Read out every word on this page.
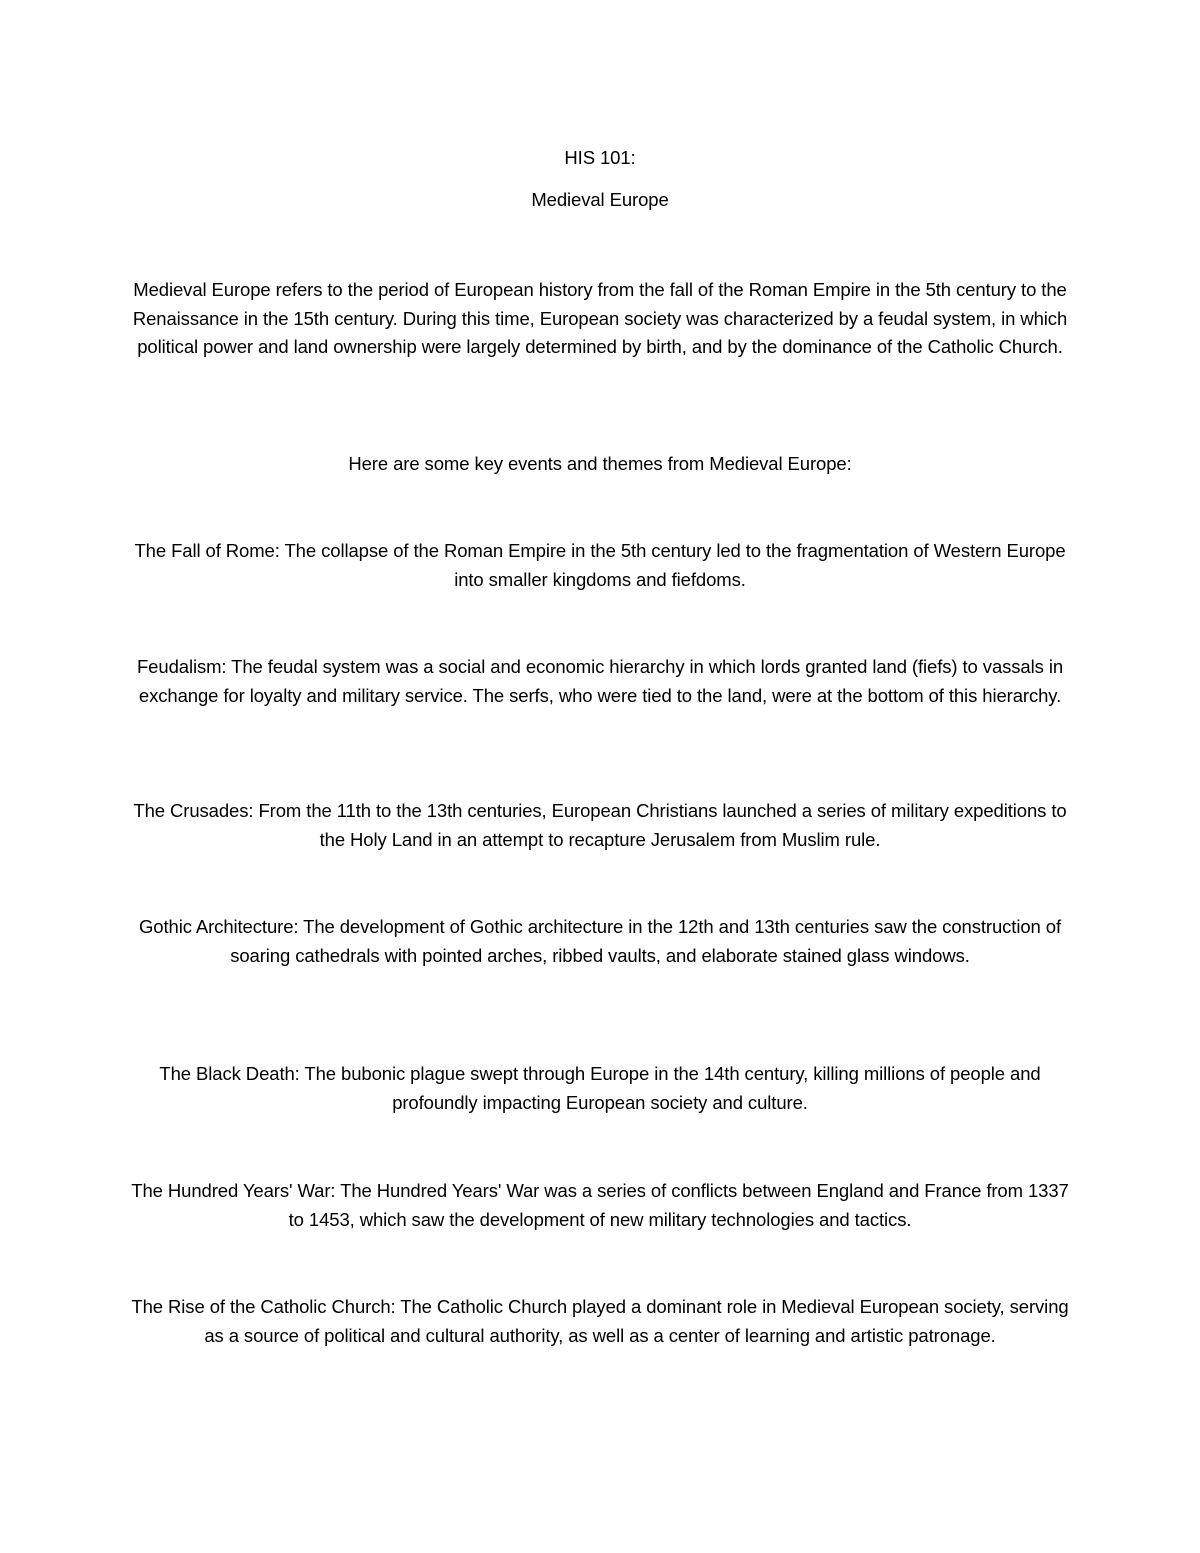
HIS 101:

Medieval Europe

Medieval Europe refers to the period of European history from the fall of the Roman Empire in the 5th century to the Renaissance in the 15th century. During this time, European society was characterized by a feudal system, in which political power and land ownership were largely determined by birth, and by the dominance of the Catholic Church.

Here are some key events and themes from Medieval Europe:

The Fall of Rome: The collapse of the Roman Empire in the 5th century led to the fragmentation of Western Europe into smaller kingdoms and fiefdoms.

Feudalism: The feudal system was a social and economic hierarchy in which lords granted land (fiefs) to vassals in exchange for loyalty and military service. The serfs, who were tied to the land, were at the bottom of this hierarchy.

The Crusades: From the 11th to the 13th centuries, European Christians launched a series of military expeditions to the Holy Land in an attempt to recapture Jerusalem from Muslim rule.

Gothic Architecture: The development of Gothic architecture in the 12th and 13th centuries saw the construction of soaring cathedrals with pointed arches, ribbed vaults, and elaborate stained glass windows.

The Black Death: The bubonic plague swept through Europe in the 14th century, killing millions of people and profoundly impacting European society and culture.

The Hundred Years' War: The Hundred Years' War was a series of conflicts between England and France from 1337 to 1453, which saw the development of new military technologies and tactics.

The Rise of the Catholic Church: The Catholic Church played a dominant role in Medieval European society, serving as a source of political and cultural authority, as well as a center of learning and artistic patronage.
